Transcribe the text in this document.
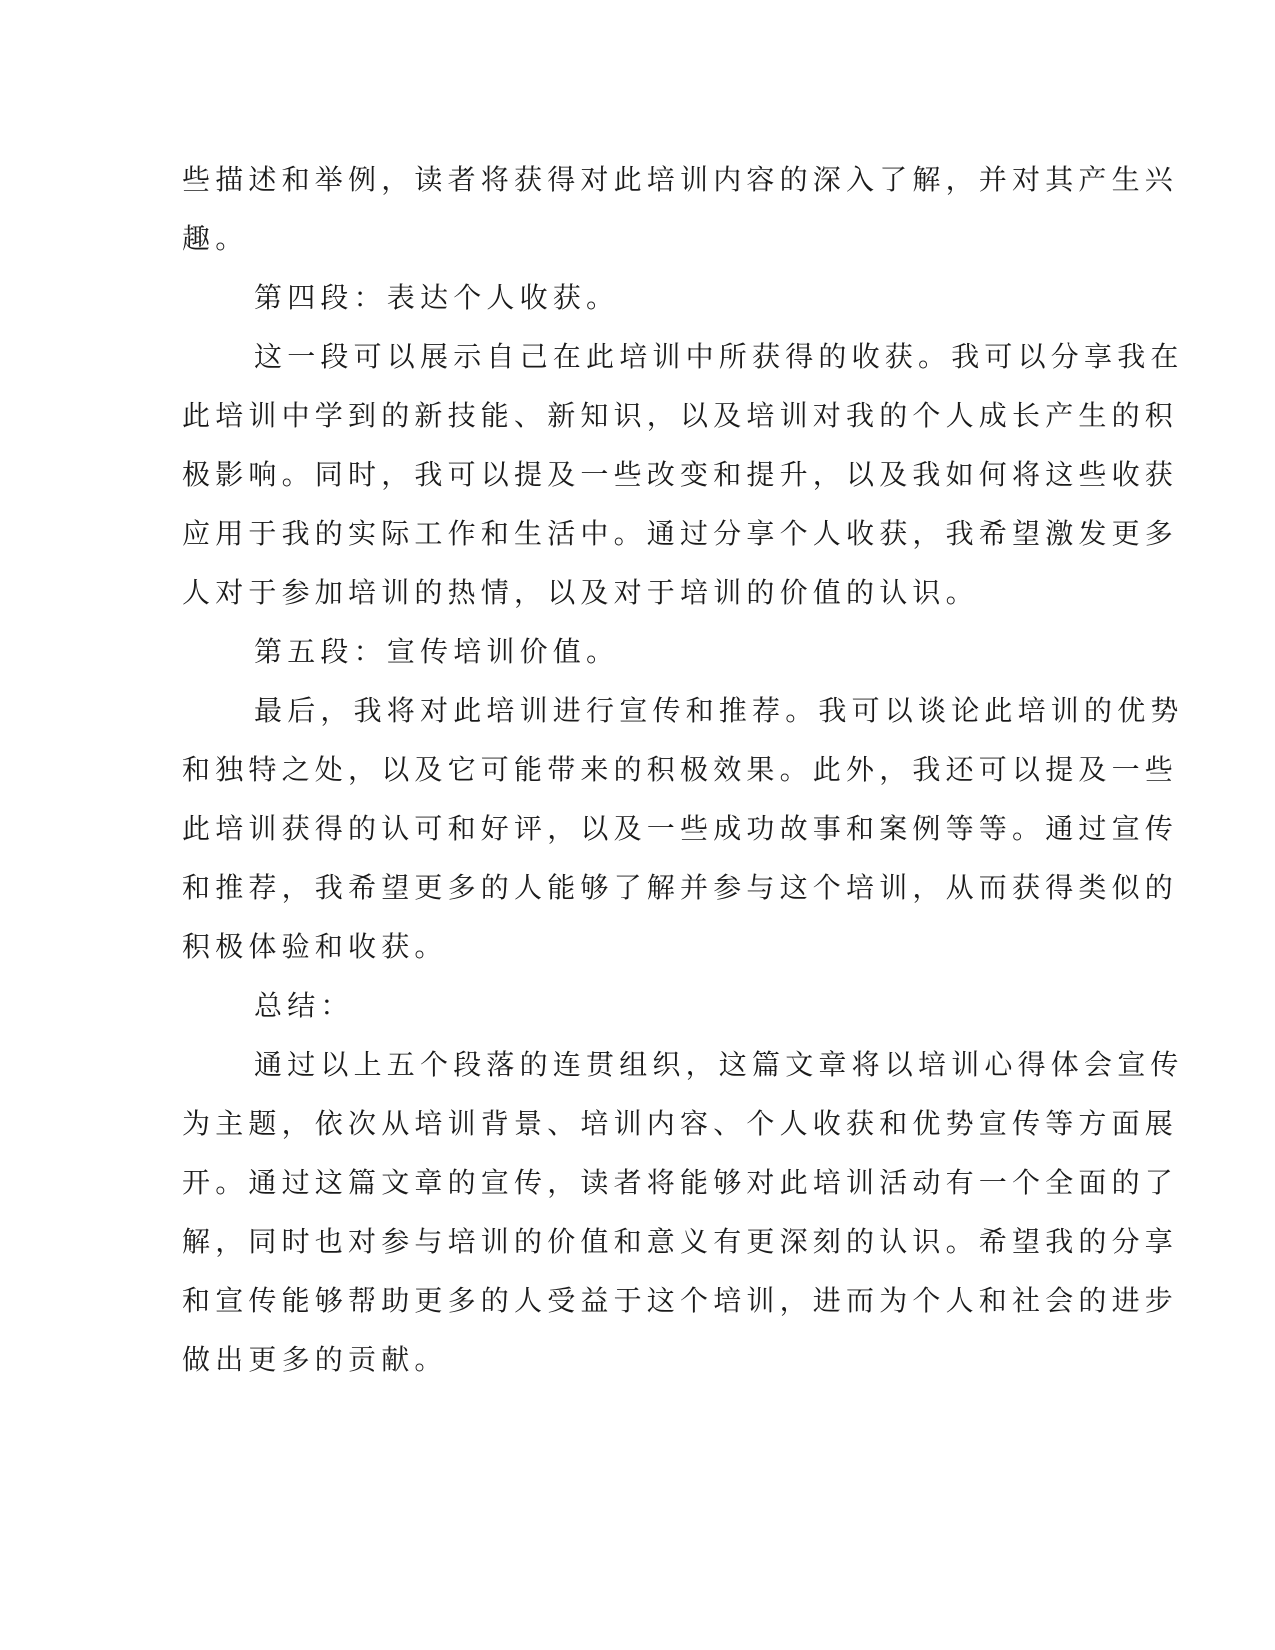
些描述和举例，读者将获得对此培训内容的深入了解，并对其产生兴
趣。
第四段：表达个人收获。
这一段可以展示自己在此培训中所获得的收获。我可以分享我在
此培训中学到的新技能、新知识，以及培训对我的个人成长产生的积
极影响。同时，我可以提及一些改变和提升，以及我如何将这些收获
应用于我的实际工作和生活中。通过分享个人收获，我希望激发更多
人对于参加培训的热情，以及对于培训的价值的认识。
第五段：宣传培训价值。
最后，我将对此培训进行宣传和推荐。我可以谈论此培训的优势
和独特之处，以及它可能带来的积极效果。此外，我还可以提及一些
此培训获得的认可和好评，以及一些成功故事和案例等等。通过宣传
和推荐，我希望更多的人能够了解并参与这个培训，从而获得类似的
积极体验和收获。
总结：
通过以上五个段落的连贯组织，这篇文章将以培训心得体会宣传
为主题，依次从培训背景、培训内容、个人收获和优势宣传等方面展
开。通过这篇文章的宣传，读者将能够对此培训活动有一个全面的了
解，同时也对参与培训的价值和意义有更深刻的认识。希望我的分享
和宣传能够帮助更多的人受益于这个培训，进而为个人和社会的进步
做出更多的贡献。
